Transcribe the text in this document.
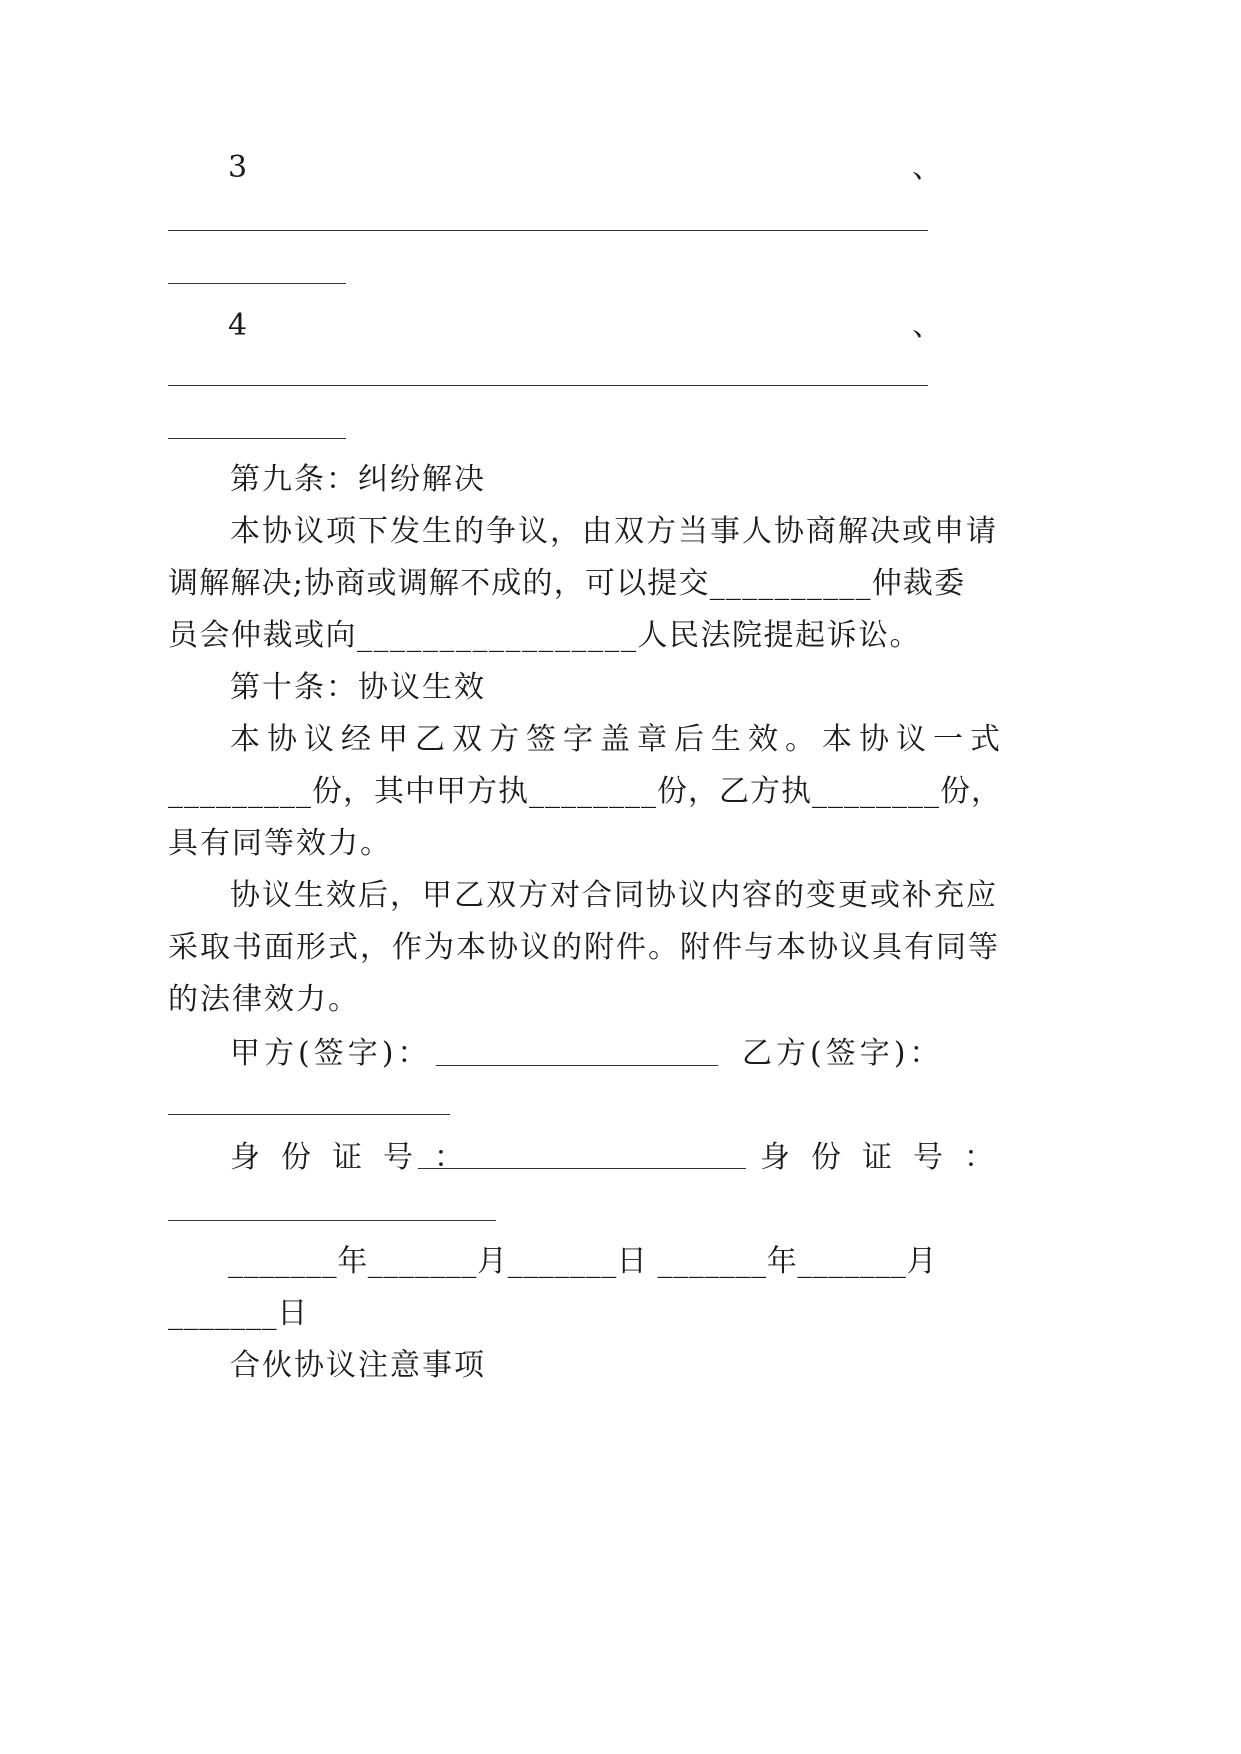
3	、
4	、
第九条：纠纷解决
本协议项下发生的争议，由双方当事人协商解决或申请
调解解决;协商或调解不成的，可以提交__________仲裁委
员会仲裁或向_________________人民法院提起诉讼。
第十条：协议生效
本协议经甲乙双方签字盖章后生效。本协议一式
_________份，其中甲方执________份，乙方执________份，
具有同等效力。
协议生效后，甲乙双方对合同协议内容的变更或补充应
采取书面形式，作为本协议的附件。附件与本协议具有同等
的法律效力。
甲方(签字)：	乙方(签字)：
身份证号：	身份证号：
_______年_______月_______日 _______年_______月
_______日
合伙协议注意事项
